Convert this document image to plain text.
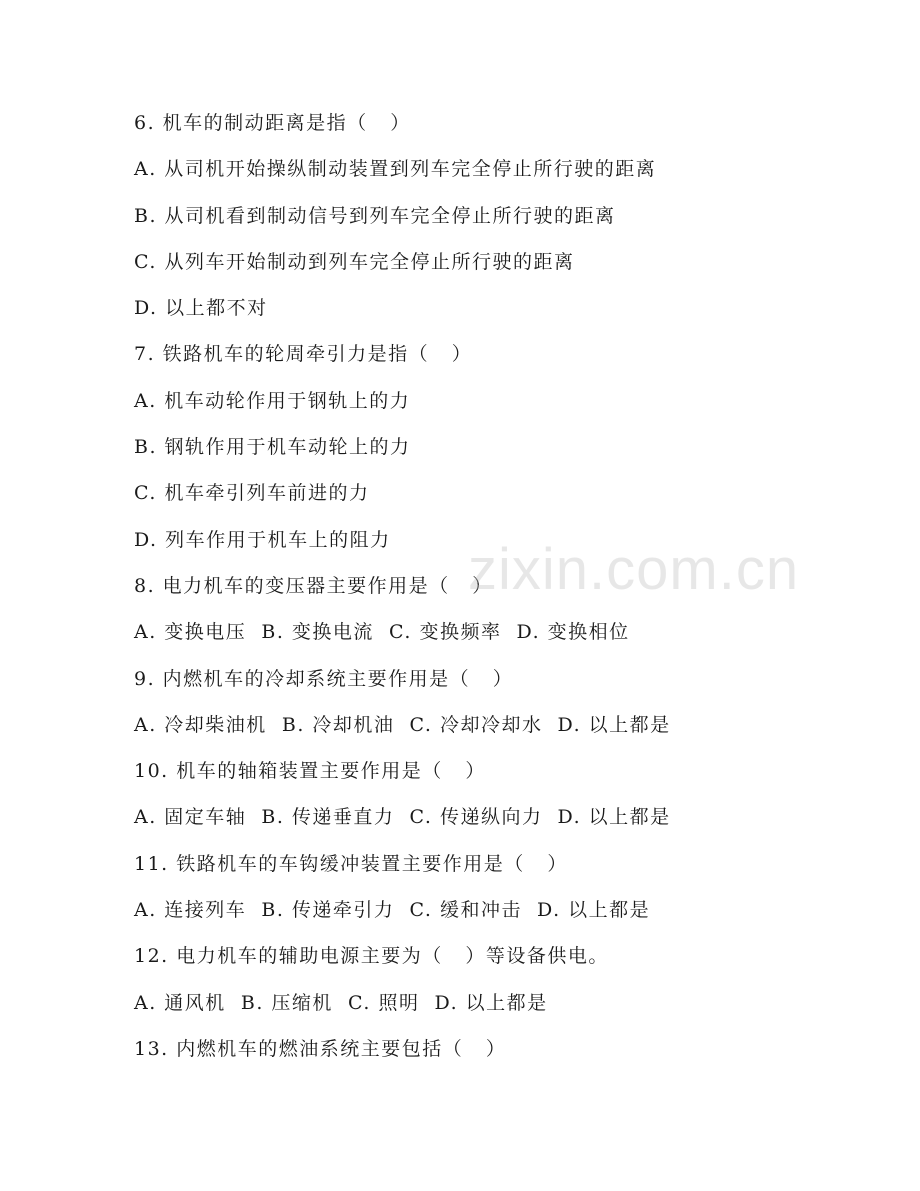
6. 机车的制动距离是指（   ）
A. 从司机开始操纵制动装置到列车完全停止所行驶的距离
B. 从司机看到制动信号到列车完全停止所行驶的距离
C. 从列车开始制动到列车完全停止所行驶的距离
D. 以上都不对
7. 铁路机车的轮周牵引力是指（   ）
A. 机车动轮作用于钢轨上的力
B. 钢轨作用于机车动轮上的力
C. 机车牵引列车前进的力
D. 列车作用于机车上的阻力
8. 电力机车的变压器主要作用是（   ）
A. 变换电压  B. 变换电流  C. 变换频率  D. 变换相位
9. 内燃机车的冷却系统主要作用是（   ）
A. 冷却柴油机  B. 冷却机油  C. 冷却冷却水  D. 以上都是
10. 机车的轴箱装置主要作用是（   ）
A. 固定车轴  B. 传递垂直力  C. 传递纵向力  D. 以上都是
11. 铁路机车的车钩缓冲装置主要作用是（   ）
A. 连接列车  B. 传递牵引力  C. 缓和冲击  D. 以上都是
12. 电力机车的辅助电源主要为（   ）等设备供电。
A. 通风机  B. 压缩机  C. 照明  D. 以上都是
13. 内燃机车的燃油系统主要包括（   ）
zixin.com.cn
